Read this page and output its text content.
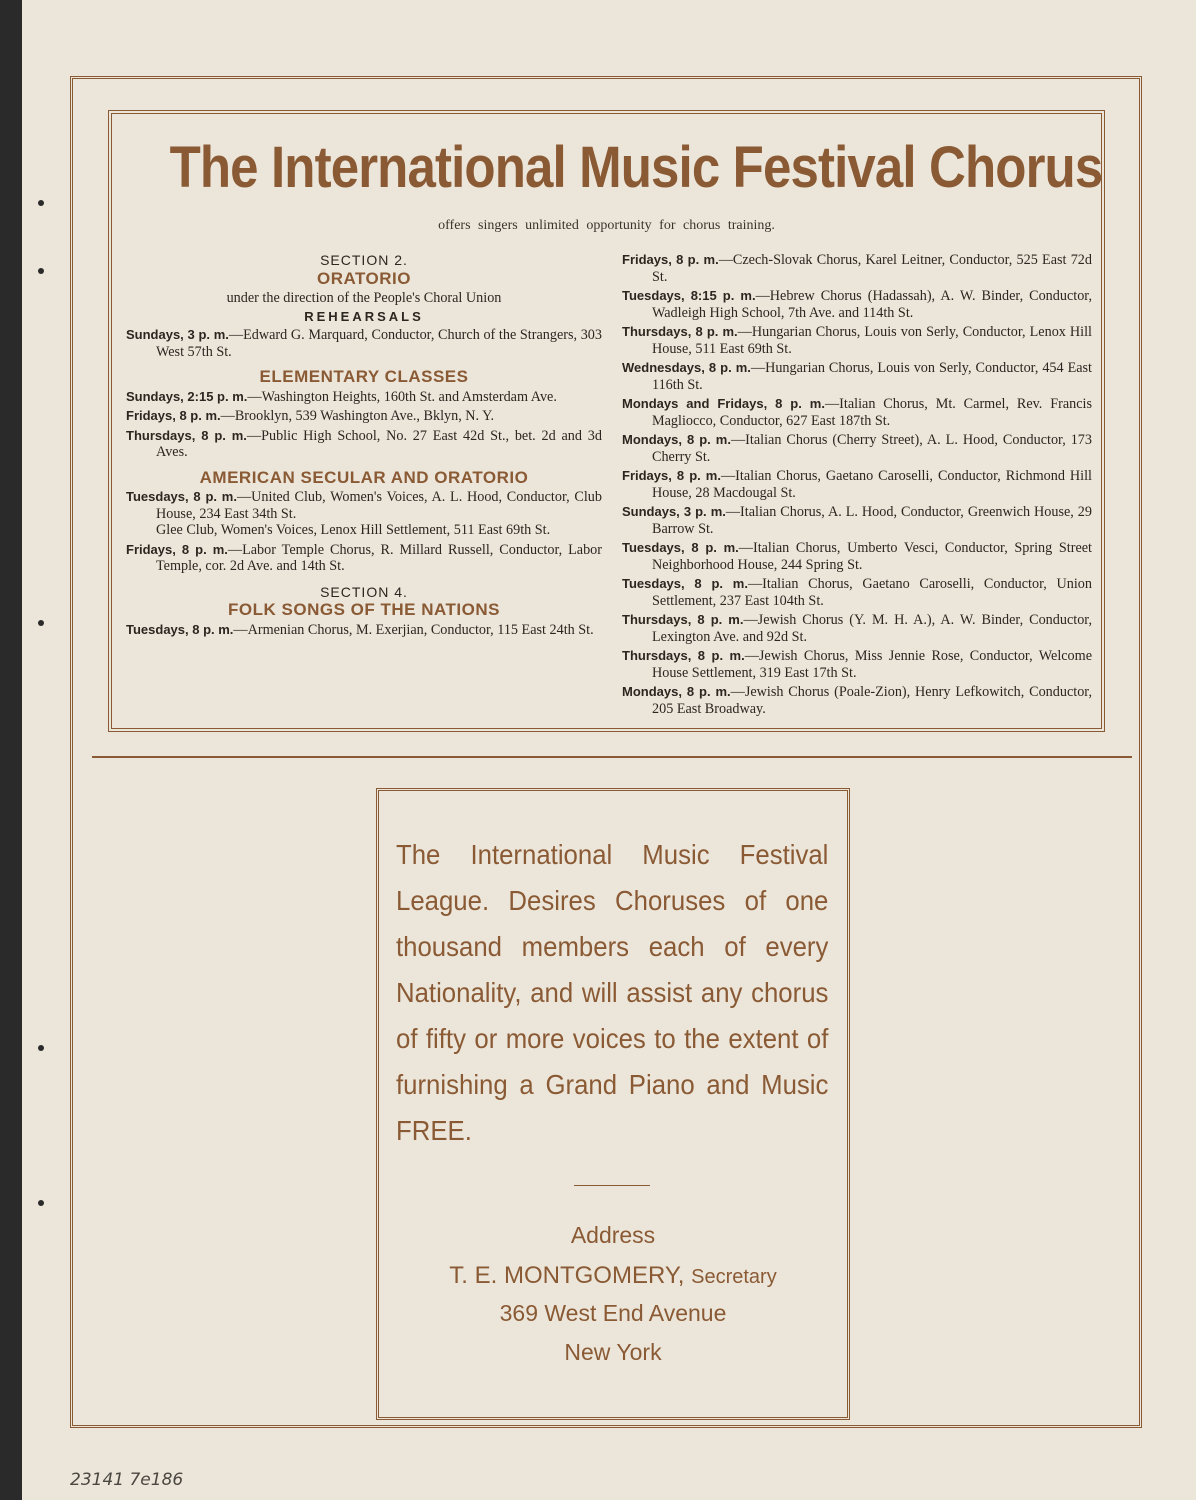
The International Music Festival Chorus
offers singers unlimited opportunity for chorus training.
SECTION 2.
ORATORIO
under the direction of the People's Choral Union
REHEARSALS
Sundays, 3 p. m.—Edward G. Marquard, Conductor, Church of the Strangers, 303 West 57th St.
ELEMENTARY CLASSES
Sundays, 2:15 p. m.—Washington Heights, 160th St. and Amsterdam Ave.
Fridays, 8 p. m.—Brooklyn, 539 Washington Ave., Bklyn, N. Y.
Thursdays, 8 p. m.—Public High School, No. 27 East 42d St., bet. 2d and 3d Aves.
AMERICAN SECULAR AND ORATORIO
Tuesdays, 8 p. m.—United Club, Women's Voices, A. L. Hood, Conductor, Club House, 234 East 34th St.
Glee Club, Women's Voices, Lenox Hill Settlement, 511 East 69th St.
Fridays, 8 p. m.—Labor Temple Chorus, R. Millard Russell, Conductor, Labor Temple, cor. 2d Ave. and 14th St.
SECTION 4.
FOLK SONGS OF THE NATIONS
Tuesdays, 8 p. m.—Armenian Chorus, M. Exerjian, Conductor, 115 East 24th St.
Fridays, 8 p. m.—Czech-Slovak Chorus, Karel Leitner, Conductor, 525 East 72d St.
Tuesdays, 8:15 p. m.—Hebrew Chorus (Hadassah), A. W. Binder, Conductor, Wadleigh High School, 7th Ave. and 114th St.
Thursdays, 8 p. m.—Hungarian Chorus, Louis von Serly, Conductor, Lenox Hill House, 511 East 69th St.
Wednesdays, 8 p. m.—Hungarian Chorus, Louis von Serly, Conductor, 454 East 116th St.
Mondays and Fridays, 8 p. m.—Italian Chorus, Mt. Carmel, Rev. Francis Magliocco, Conductor, 627 East 187th St.
Mondays, 8 p. m.—Italian Chorus (Cherry Street), A. L. Hood, Conductor, 173 Cherry St.
Fridays, 8 p. m.—Italian Chorus, Gaetano Caroselli, Conductor, Richmond Hill House, 28 Macdougal St.
Sundays, 3 p. m.—Italian Chorus, A. L. Hood, Conductor, Greenwich House, 29 Barrow St.
Tuesdays, 8 p. m.—Italian Chorus, Umberto Vesci, Conductor, Spring Street Neighborhood House, 244 Spring St.
Tuesdays, 8 p. m.—Italian Chorus, Gaetano Caroselli, Conductor, Union Settlement, 237 East 104th St.
Thursdays, 8 p. m.—Jewish Chorus (Y. M. H. A.), A. W. Binder, Conductor, Lexington Ave. and 92d St.
Thursdays, 8 p. m.—Jewish Chorus, Miss Jennie Rose, Conductor, Welcome House Settlement, 319 East 17th St.
Mondays, 8 p. m.—Jewish Chorus (Poale-Zion), Henry Lefkowitch, Conductor, 205 East Broadway.
The International Music Festival League. Desires Choruses of one thousand members each of every Nationality, and will assist any chorus of fifty or more voices to the extent of furnishing a Grand Piano and Music FREE.
Address
T. E. MONTGOMERY, Secretary
369 West End Avenue
New York
23141 7e186
